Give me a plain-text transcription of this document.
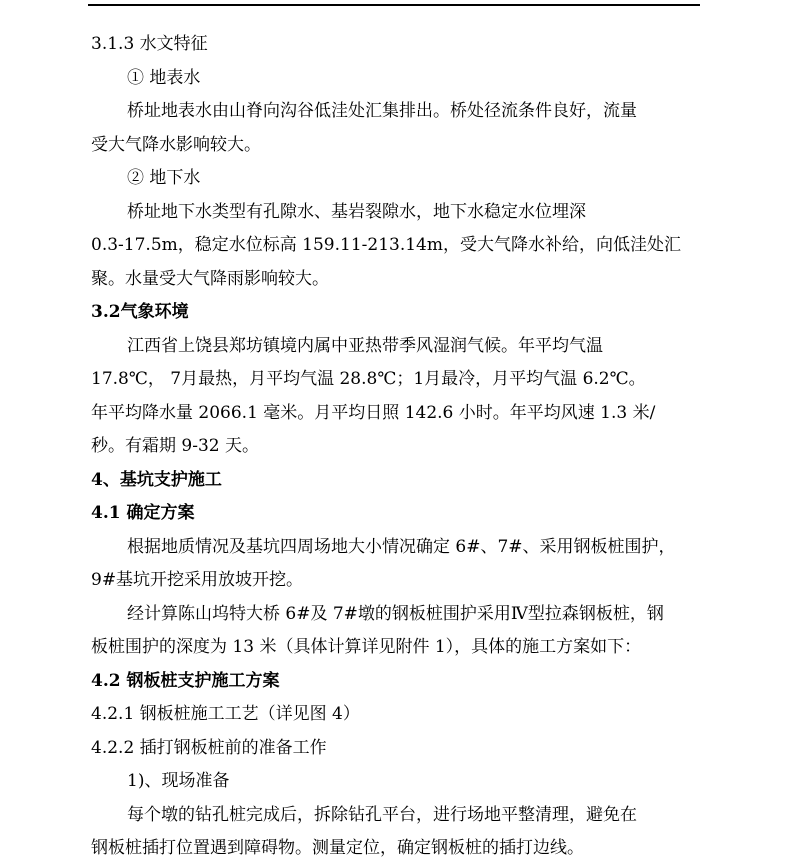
3.1.3 水文特征
① 地表水
桥址地表水由山脊向沟谷低洼处汇集排出。桥处径流条件良好，流量
受大气降水影响较大。
② 地下水
桥址地下水类型有孔隙水、基岩裂隙水，地下水稳定水位埋深
0.3-17.5m，稳定水位标高 159.11-213.14m，受大气降水补给，向低洼处汇
聚。水量受大气降雨影响较大。
3.2气象环境
江西省上饶县郑坊镇境内属中亚热带季风湿润气候。年平均气温
17.8℃， 7月最热，月平均气温 28.8℃；1月最冷，月平均气温 6.2℃。
年平均降水量 2066.1 毫米。月平均日照 142.6 小时。年平均风速 1.3 米/
秒。有霜期 9-32 天。
4、基坑支护施工
4.1 确定方案
根据地质情况及基坑四周场地大小情况确定 6#、7#、采用钢板桩围护，
9#基坑开挖采用放坡开挖。
经计算陈山坞特大桥 6#及 7#墩的钢板桩围护采用Ⅳ型拉森钢板桩，钢
板桩围护的深度为 13 米（具体计算详见附件 1），具体的施工方案如下：
4.2 钢板桩支护施工方案
4.2.1 钢板桩施工工艺（详见图 4）
4.2.2 插打钢板桩前的准备工作
1)、现场准备
每个墩的钻孔桩完成后，拆除钻孔平台，进行场地平整清理，避免在
钢板桩插打位置遇到障碍物。测量定位，确定钢板桩的插打边线。
